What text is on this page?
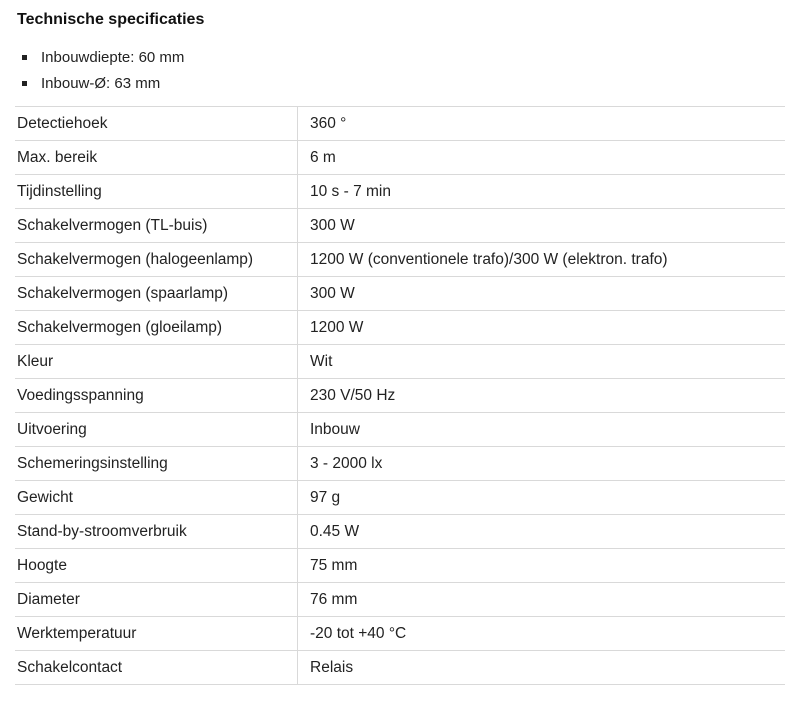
Technische specificaties
Inbouwdiepte: 60 mm
Inbouw-Ø: 63 mm
Detectiehoek	360 °
Max. bereik	6 m
Tijdinstelling	10 s - 7 min
Schakelvermogen (TL-buis)	300 W
Schakelvermogen (halogeenlamp)	1200 W (conventionele trafo)/300 W (elektron. trafo)
Schakelvermogen (spaarlamp)	300 W
Schakelvermogen (gloeilamp)	1200 W
Kleur	Wit
Voedingsspanning	230 V/50 Hz
Uitvoering	Inbouw
Schemeringsinstelling	3 - 2000 lx
Gewicht	97 g
Stand-by-stroomverbruik	0.45 W
Hoogte	75 mm
Diameter	76 mm
Werktemperatuur	-20 tot +40 °C
Schakelcontact	Relais
